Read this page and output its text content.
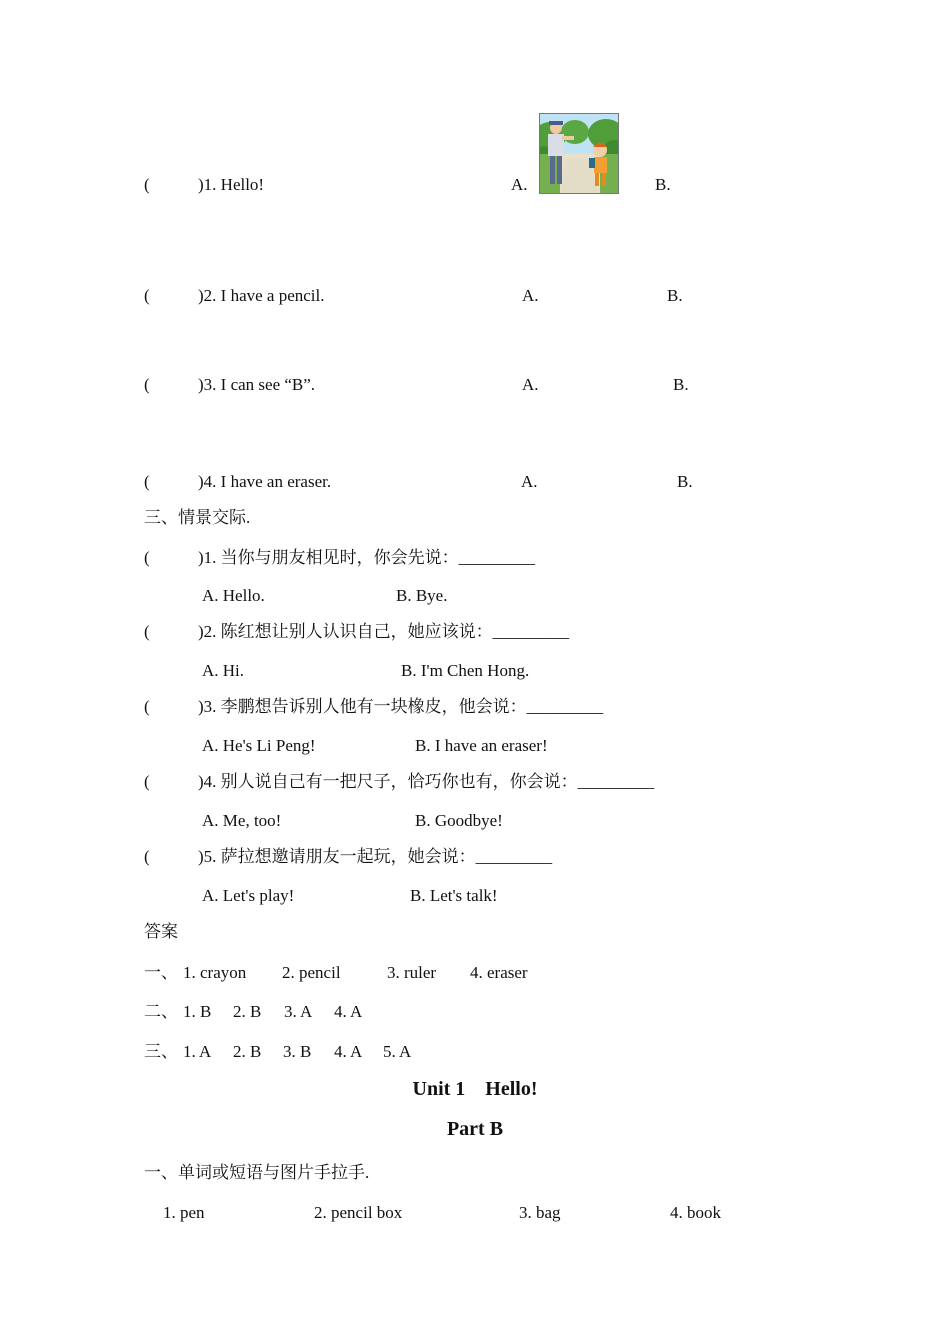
(	)1. Hello!	A.	B.
(	)2. I have a pencil.	A.	B.
(	)3. I can see “B”.	A.	B.
(	)4. I have an eraser.	A.	B.
三、情景交际.
(	)1. 当你与朋友相见时，你会先说：_________
A. Hello.	B. Bye.
(	)2. 陈红想让别人认识自己，她应该说：_________
A. Hi.	B. I'm Chen Hong.
(	)3. 李鹏想告诉别人他有一块橡皮，他会说：_________
A. He's Li Peng!	B. I have an eraser!
(	)4. 别人说自己有一把尺子，恰巧你也有，你会说：_________
A. Me, too!	B. Goodbye!
(	)5. 萨拉想邀请朋友一起玩，她会说：_________
A. Let's play!	B. Let's talk!
答案
一、 1. crayon 2. pencil	3. ruler 4. eraser
二、 1. B 2. B 3. A 4. A
三、 1. A 2. B 3. B 4. A 5. A
Unit 1    Hello!
Part B
一、单词或短语与图片手拉手.
1. pen	2. pencil box	3. bag	4. book
